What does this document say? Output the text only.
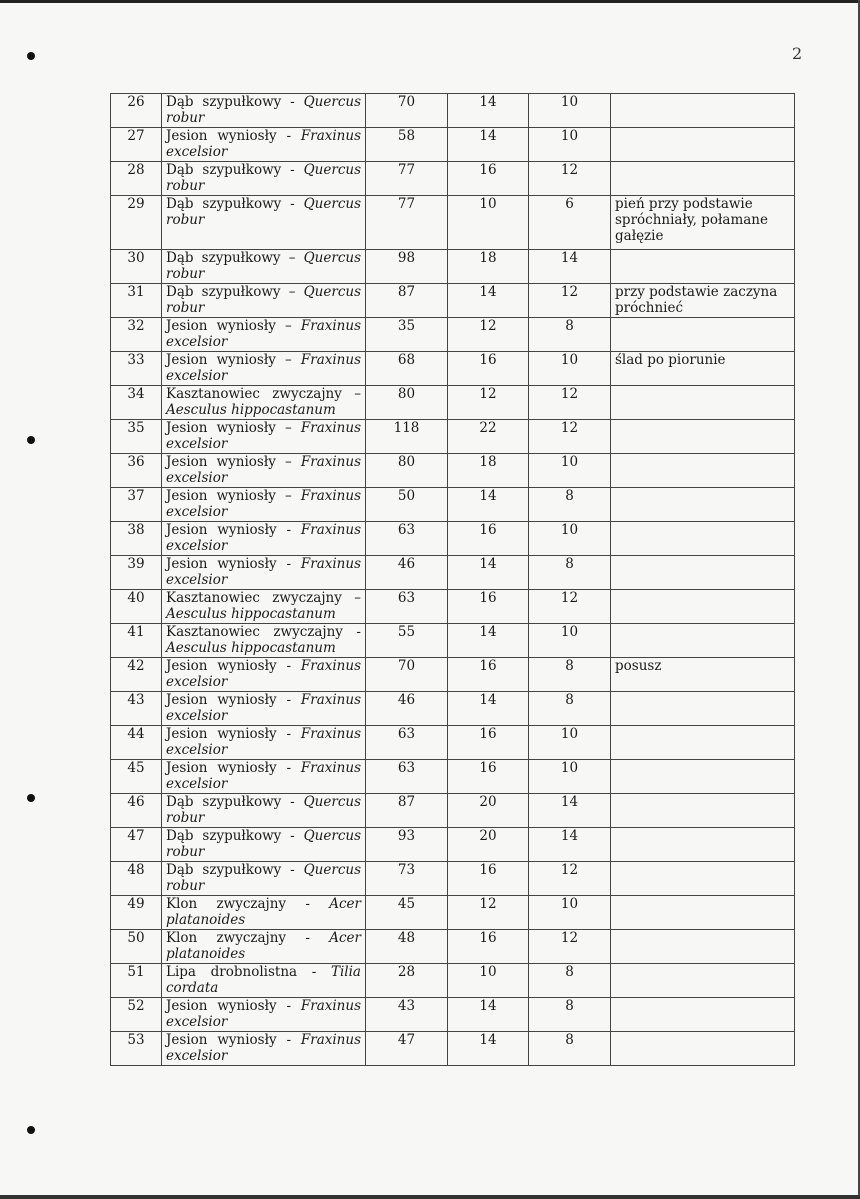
2
26	Dąb szypułkowy - Quercus robur	70	14	10	
27	Jesion wyniosły - Fraxinus excelsior	58	14	10	
28	Dąb szypułkowy - Quercus robur	77	16	12	
29	Dąb szypułkowy - Quercus robur	77	10	6	pień przy podstawie spróchniały, połamane gałęzie
30	Dąb szypułkowy – Quercus robur	98	18	14	
31	Dąb szypułkowy – Quercus robur	87	14	12	przy podstawie zaczyna próchnieć
32	Jesion wyniosły – Fraxinus excelsior	35	12	8	
33	Jesion wyniosły – Fraxinus excelsior	68	16	10	ślad po piorunie
34	Kasztanowiec zwyczajny – Aesculus hippocastanum	80	12	12	
35	Jesion wyniosły – Fraxinus excelsior	118	22	12	
36	Jesion wyniosły – Fraxinus excelsior	80	18	10	
37	Jesion wyniosły – Fraxinus excelsior	50	14	8	
38	Jesion wyniosły - Fraxinus excelsior	63	16	10	
39	Jesion wyniosły - Fraxinus excelsior	46	14	8	
40	Kasztanowiec zwyczajny – Aesculus hippocastanum	63	16	12	
41	Kasztanowiec zwyczajny - Aesculus hippocastanum	55	14	10	
42	Jesion wyniosły - Fraxinus excelsior	70	16	8	posusz
43	Jesion wyniosły - Fraxinus excelsior	46	14	8	
44	Jesion wyniosły - Fraxinus excelsior	63	16	10	
45	Jesion wyniosły - Fraxinus excelsior	63	16	10	
46	Dąb szypułkowy - Quercus robur	87	20	14	
47	Dąb szypułkowy - Quercus robur	93	20	14	
48	Dąb szypułkowy - Quercus robur	73	16	12	
49	Klon zwyczajny - Acer platanoides	45	12	10	
50	Klon zwyczajny - Acer platanoides	48	16	12	
51	Lipa drobnolistna - Tilia cordata	28	10	8	
52	Jesion wyniosły - Fraxinus excelsior	43	14	8	
53	Jesion wyniosły - Fraxinus excelsior	47	14	8	
